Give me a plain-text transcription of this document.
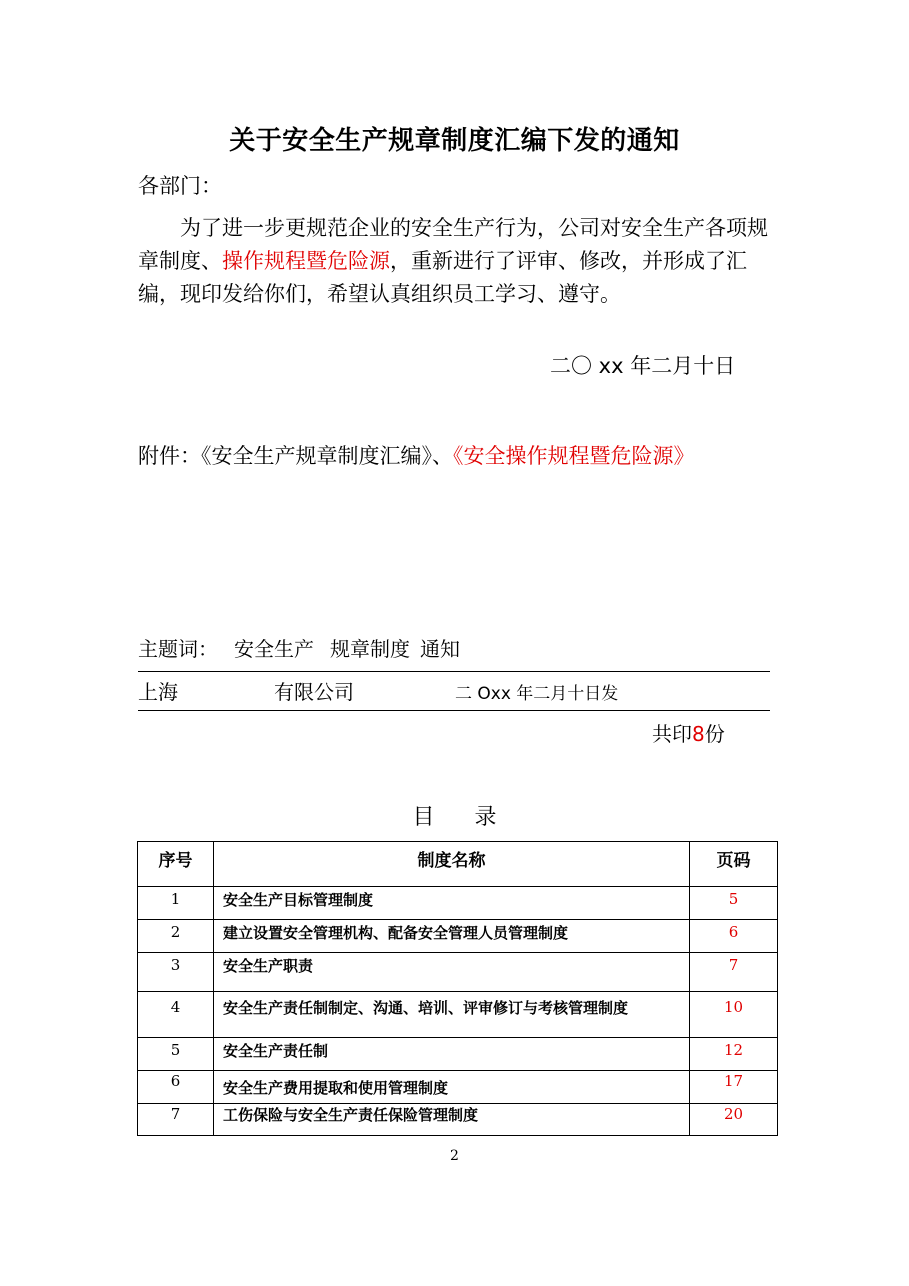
关于安全生产规章制度汇编下发的通知
各部门：
为了进一步更规范企业的安全生产行为，公司对安全生产各项规章制度、操作规程暨危险源，重新进行了评审、修改，并形成了汇编，现印发给你们，希望认真组织员工学习、遵守。
二〇 xx 年二月十日
附件：《安全生产规章制度汇编》、《安全操作规程暨危险源》
主题词： 安全生产 规章制度 通知
上海	有限公司	二 Oxx 年二月十日发
共印8份
目 录
序号	制度名称	页码
1	安全生产目标管理制度	5
2	建立设置安全管理机构、配备安全管理人员管理制度	6
3	安全生产职责	7
4	安全生产责任制制定、沟通、培训、评审修订与考核管理制度	10
5	安全生产责任制	12
6	安全生产费用提取和使用管理制度	17
7	工伤保险与安全生产责任保险管理制度	20
2
